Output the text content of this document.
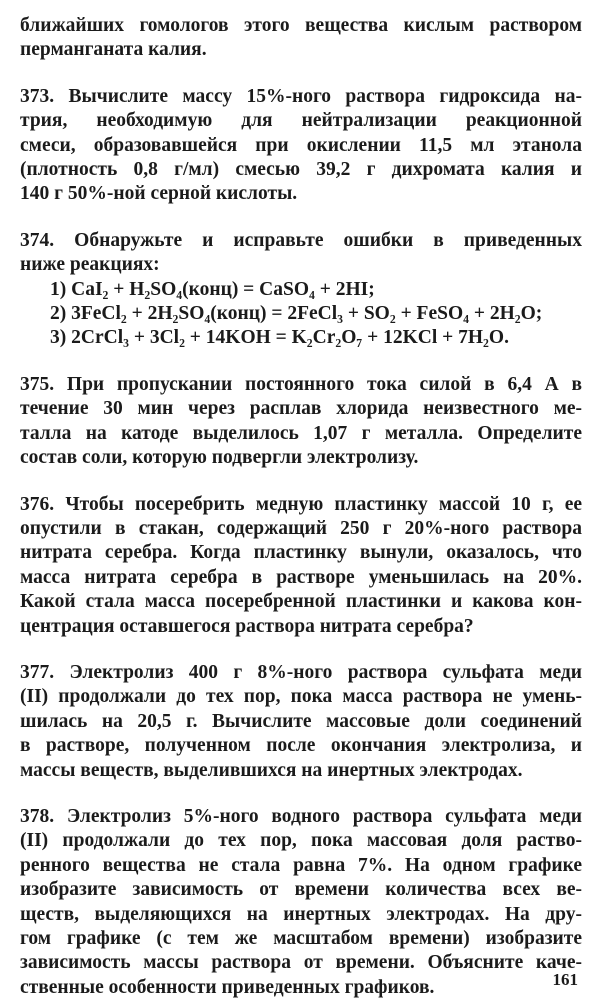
ближайших гомологов этого вещества кислым раствором
перманганата калия.

373. Вычислите массу 15%-ного раствора гидроксида на-
трия, необходимую для нейтрализации реакционной
смеси, образовавшейся при окислении 11,5 мл этанола
(плотность 0,8 г/мл) смесью 39,2 г дихромата калия и
140 г 50%-ной серной кислоты.

374. Обнаружьте и исправьте ошибки в приведенных
ниже реакциях:
1) CaI₂ + H₂SO₄(конц) = CaSO₄ + 2HI;
2) 3FeCl₂ + 2H₂SO₄(конц) = 2FeCl₃ + SO₂ + FeSO₄ + 2H₂O;
3) 2CrCl₃ + 3Cl₂ + 14KOH = K₂Cr₂O₇ + 12KCl + 7H₂O.

375. При пропускании постоянного тока силой в 6,4 А в
течение 30 мин через расплав хлорида неизвестного ме-
талла на катоде выделилось 1,07 г металла. Определите
состав соли, которую подвергли электролизу.

376. Чтобы посеребрить медную пластинку массой 10 г, ее
опустили в стакан, содержащий 250 г 20%-ного раствора
нитрата серебра. Когда пластинку вынули, оказалось, что
масса нитрата серебра в растворе уменьшилась на 20%.
Какой стала масса посеребренной пластинки и какова кон-
центрация оставшегося раствора нитрата серебра?

377. Электролиз 400 г 8%-ного раствора сульфата меди
(II) продолжали до тех пор, пока масса раствора не умень-
шилась на 20,5 г. Вычислите массовые доли соединений
в растворе, полученном после окончания электролиза, и
массы веществ, выделившихся на инертных электродах.

378. Электролиз 5%-ного водного раствора сульфата меди
(II) продолжали до тех пор, пока массовая доля раство-
ренного вещества не стала равна 7%. На одном графике
изобразите зависимость от времени количества всех ве-
ществ, выделяющихся на инертных электродах. На дру-
гом графике (с тем же масштабом времени) изобразите
зависимость массы раствора от времени. Объясните каче-
ственные особенности приведенных графиков.	161
